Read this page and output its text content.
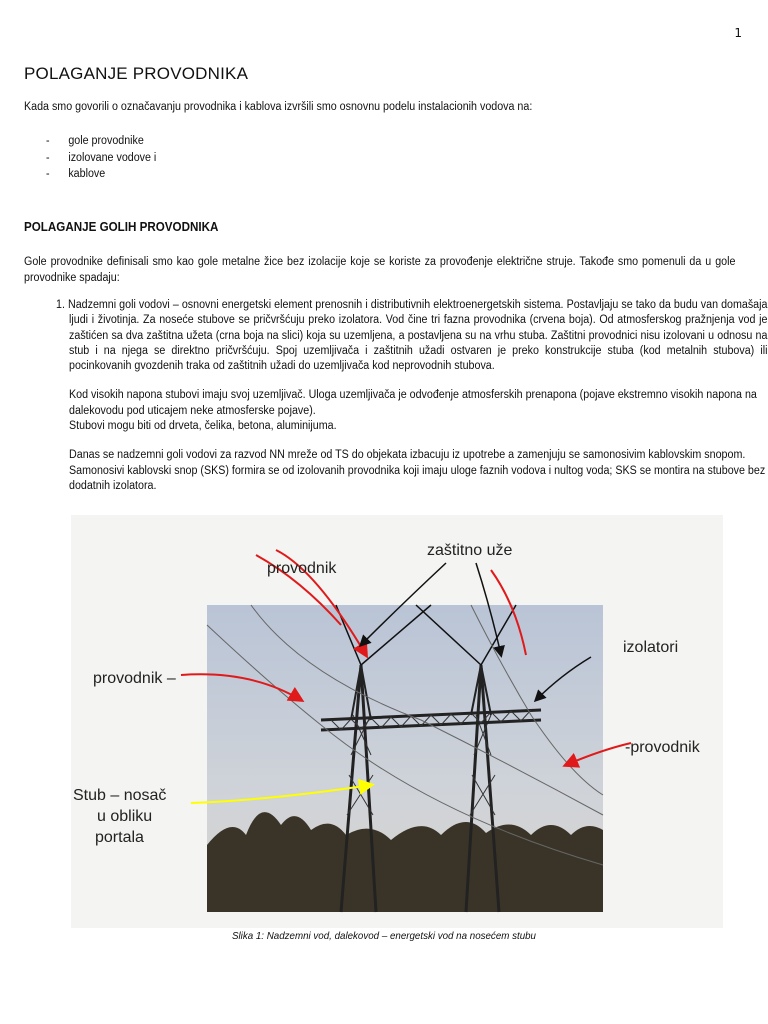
1
POLAGANJE PROVODNIKA
Kada smo govorili o označavanju provodnika i kablova izvršili smo osnovnu podelu instalacionih vodova na:
- gole provodnike
- izolovane vodove i
- kablove
POLAGANJE GOLIH PROVODNIKA
Gole provodnike definisali smo kao gole metalne žice bez izolacije koje se koriste za provođenje električne struje. Takođe smo pomenuli da u gole provodnike spadaju:

1. Nadzemni goli vodovi – osnovni energetski element prenosnih i distributivnih elektroenergetskih sistema. Postavljaju se tako da budu van domašaja ljudi i životinja. Za noseće stubove se pričvršćuju preko izolatora. Vod čine tri fazna provodnika (crvena boja). Od atmosferskog pražnjenja vod je zaštićen sa dva zaštitna užeta (crna boja na slici) koja su uzemljena, a postavljena su na vrhu stuba. Zaštitni provodnici nisu izolovani u odnosu na stub i na njega se direktno pričvršćuju. Spoj uzemljivača i zaštitnih užadi ostvaren je preko konstrukcije stuba (kod metalnih stubova) ili pocinkovanih gvozdenih traka od zaštitnih užadi do uzemljivača kod neprovodnih stubova.

Kod visokih napona stubovi imaju svoj uzemljivač. Uloga uzemljivača je odvođenje atmosferskih prenapona (pojave ekstremno visokih napona na dalekovodu pod uticajem neke atmosferske pojave).
Stubovi mogu biti od drveta, čelika, betona, aluminijuma.

Danas se nadzemni goli vodovi za razvod NN mreže od TS do objekata izbacuju iz upotrebe a zamenjuju se samonosivim kablovskim snopom. Samonosivi kablovski snop (SKS) formira se od izolovanih provodnika koji imaju uloge faznih vodova i nultog voda; SKS se montira na stubove bez dodatnih izolatora.

provodnik
zaštitno uže
provodnik –
izolatori
-provodnik
Stub – nosač
u obliku
portala
Slika 1: Nadzemni vod, dalekovod – energetski vod na nosećem stubu
